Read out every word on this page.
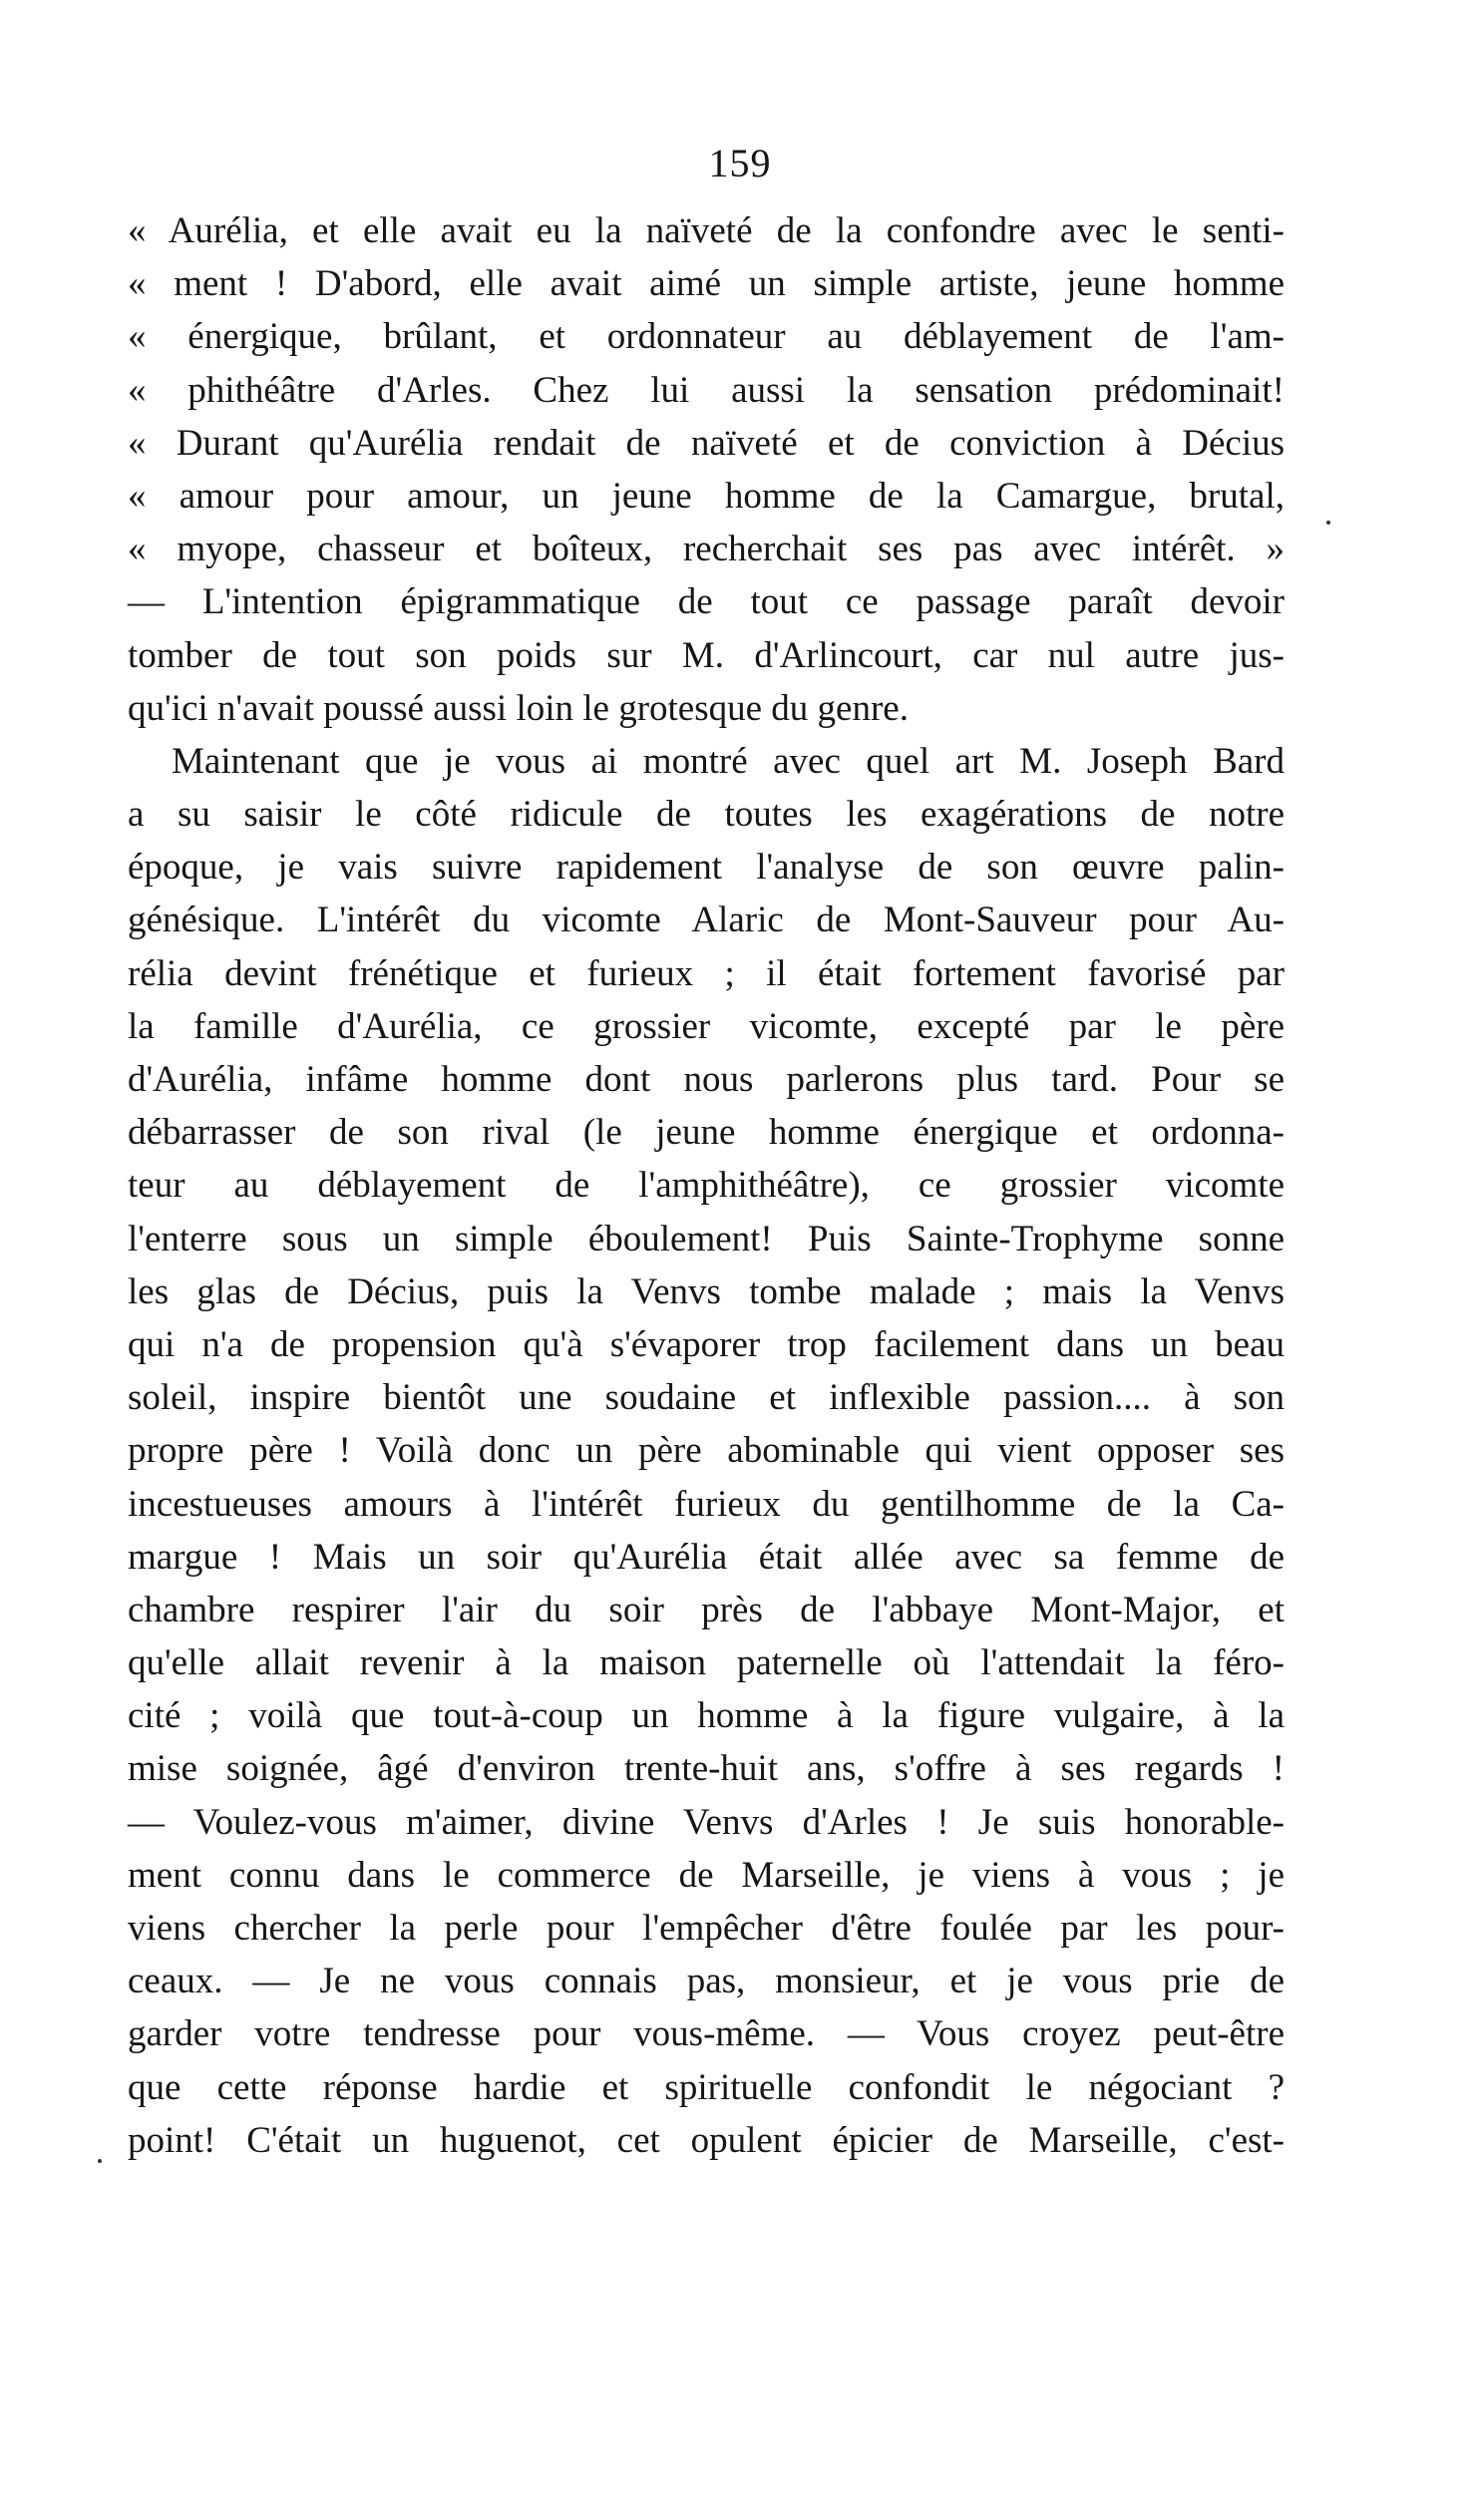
159
« Aurélia, et elle avait eu la naïveté de la confondre avec le senti-
« ment ! D'abord, elle avait aimé un simple artiste, jeune homme
« énergique, brûlant, et ordonnateur au déblayement de l'am-
« phithéâtre d'Arles. Chez lui aussi la sensation prédominait!
« Durant qu'Aurélia rendait de naïveté et de conviction à Décius
« amour pour amour, un jeune homme de la Camargue, brutal,
« myope, chasseur et boîteux, recherchait ses pas avec intérêt. »
— L'intention épigrammatique de tout ce passage paraît devoir
tomber de tout son poids sur M. d'Arlincourt, car nul autre jus-
qu'ici n'avait poussé aussi loin le grotesque du genre.
Maintenant que je vous ai montré avec quel art M. Joseph Bard
a su saisir le côté ridicule de toutes les exagérations de notre
époque, je vais suivre rapidement l'analyse de son œuvre palin-
génésique. L'intérêt du vicomte Alaric de Mont-Sauveur pour Au-
rélia devint frénétique et furieux ; il était fortement favorisé par
la famille d'Aurélia, ce grossier vicomte, excepté par le père
d'Aurélia, infâme homme dont nous parlerons plus tard. Pour se
débarrasser de son rival (le jeune homme énergique et ordonna-
teur au déblayement de l'amphithéâtre), ce grossier vicomte
l'enterre sous un simple éboulement! Puis Sainte-Trophyme sonne
les glas de Décius, puis la Venvs tombe malade ; mais la Venvs
qui n'a de propension qu'à s'évaporer trop facilement dans un beau
soleil, inspire bientôt une soudaine et inflexible passion.... à son
propre père ! Voilà donc un père abominable qui vient opposer ses
incestueuses amours à l'intérêt furieux du gentilhomme de la Ca-
margue ! Mais un soir qu'Aurélia était allée avec sa femme de
chambre respirer l'air du soir près de l'abbaye Mont-Major, et
qu'elle allait revenir à la maison paternelle où l'attendait la féro-
cité ; voilà que tout-à-coup un homme à la figure vulgaire, à la
mise soignée, âgé d'environ trente-huit ans, s'offre à ses regards !
— Voulez-vous m'aimer, divine Venvs d'Arles ! Je suis honorable-
ment connu dans le commerce de Marseille, je viens à vous ; je
viens chercher la perle pour l'empêcher d'être foulée par les pour-
ceaux. — Je ne vous connais pas, monsieur, et je vous prie de
garder votre tendresse pour vous-même. — Vous croyez peut-être
que cette réponse hardie et spirituelle confondit le négociant ?
point! C'était un huguenot, cet opulent épicier de Marseille, c'est-
